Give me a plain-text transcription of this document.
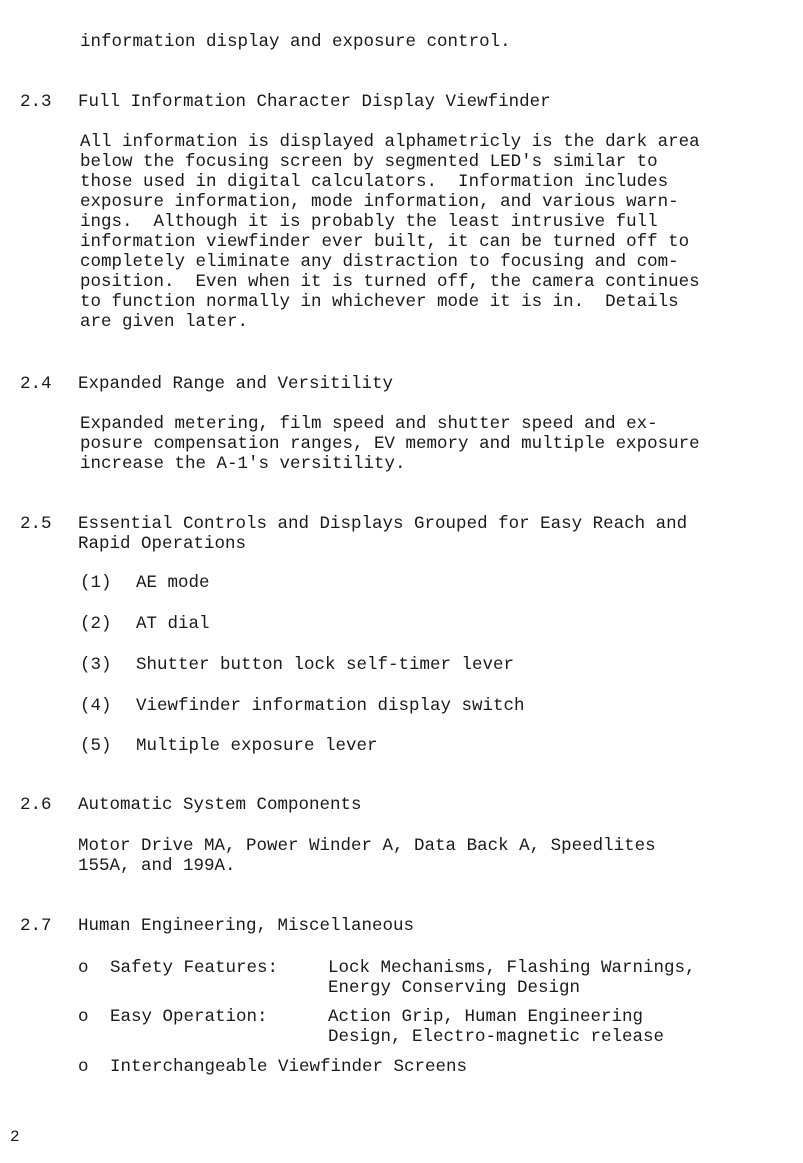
information display and exposure control.
2.3 Full Information Character Display Viewfinder
All information is displayed alphametricly is the dark area
below the focusing screen by segmented LED's similar to
those used in digital calculators.  Information includes
exposure information, mode information, and various warn-
ings.  Although it is probably the least intrusive full
information viewfinder ever built, it can be turned off to
completely eliminate any distraction to focusing and com-
position.  Even when it is turned off, the camera continues
to function normally in whichever mode it is in.  Details
are given later.
2.4 Expanded Range and Versitility
Expanded metering, film speed and shutter speed and ex-
posure compensation ranges, EV memory and multiple exposure
increase the A-1's versitility.
2.5 Essential Controls and Displays Grouped for Easy Reach and
Rapid Operations
(1) AE mode
(2) AT dial
(3) Shutter button lock self-timer lever
(4) Viewfinder information display switch
(5) Multiple exposure lever
2.6 Automatic System Components
Motor Drive MA, Power Winder A, Data Back A, Speedlites
155A, and 199A.
2.7 Human Engineering, Miscellaneous
o Safety Features:	Lock Mechanisms, Flashing Warnings,
Energy Conserving Design
o Easy Operation:	Action Grip, Human Engineering
Design, Electro-magnetic release
o Interchangeable Viewfinder Screens
2
